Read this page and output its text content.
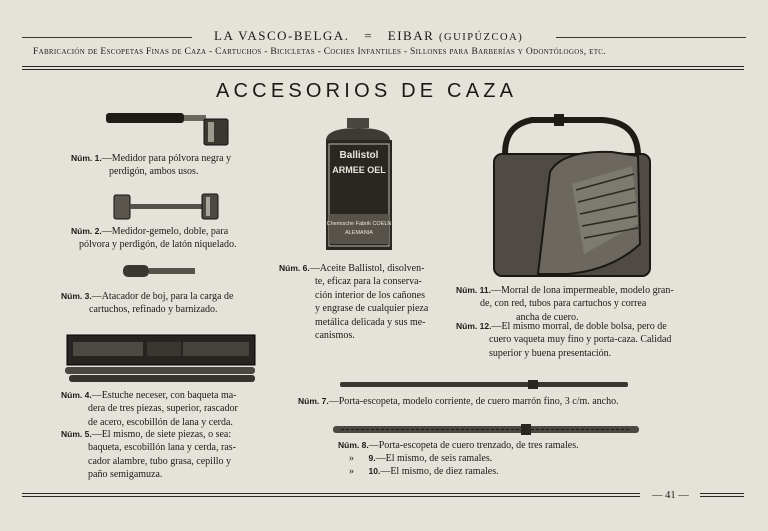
LA VASCO-BELGA. = EIBAR (GUIPÚZCOA)
Fabricación de Escopetas Finas de Caza - Cartuchos - Bicicletas - Coches Infantiles - Sillones para Barberías y Odontólogos, etc.
ACCESORIOS DE CAZA
Ballistol
ARMEE OEL
Chemische Fabrik COELN
ALEMANIA
Núm. 1.—Medidor para pólvora negra y
perdigón, ambos usos.
Núm. 2.—Medidor-gemelo, doble, para
pólvora y perdigón, de latón niquelado.
Núm. 3.—Atacador de boj, para la carga de
cartuchos, refinado y barnizado.
Núm. 4.—Estuche neceser, con baqueta ma-
dera de tres piezas, superior, rascador
de acero, escobillón de lana y cerda.
Núm. 5.—El mismo, de siete piezas, o sea:
baqueta, escobillón lana y cerda, ras-
cador alambre, tubo grasa, cepillo y
paño semigamuza.
Núm. 6.—Aceite Ballistol, disolven-
te, eficaz para la conserva-
ción interior de los cañones
y engrase de cualquier pieza
metálica delicada y sus me-
canismos.
Núm. 11.—Morral de lona impermeable, modelo gran-
de, con red, tubos para cartuchos y correa
ancha de cuero.
Núm. 12.—El mismo morral, de doble bolsa, pero de
cuero vaqueta muy fino y porta-caza. Calidad
superior y buena presentación.
Núm. 7.—Porta-escopeta, modelo corriente, de cuero marrón fino, 3 c/m. ancho.
Núm. 8.—Porta-escopeta de cuero trenzado, de tres ramales.
» 9.—El mismo, de seis ramales.
» 10.—El mismo, de diez ramales.
— 41 —
